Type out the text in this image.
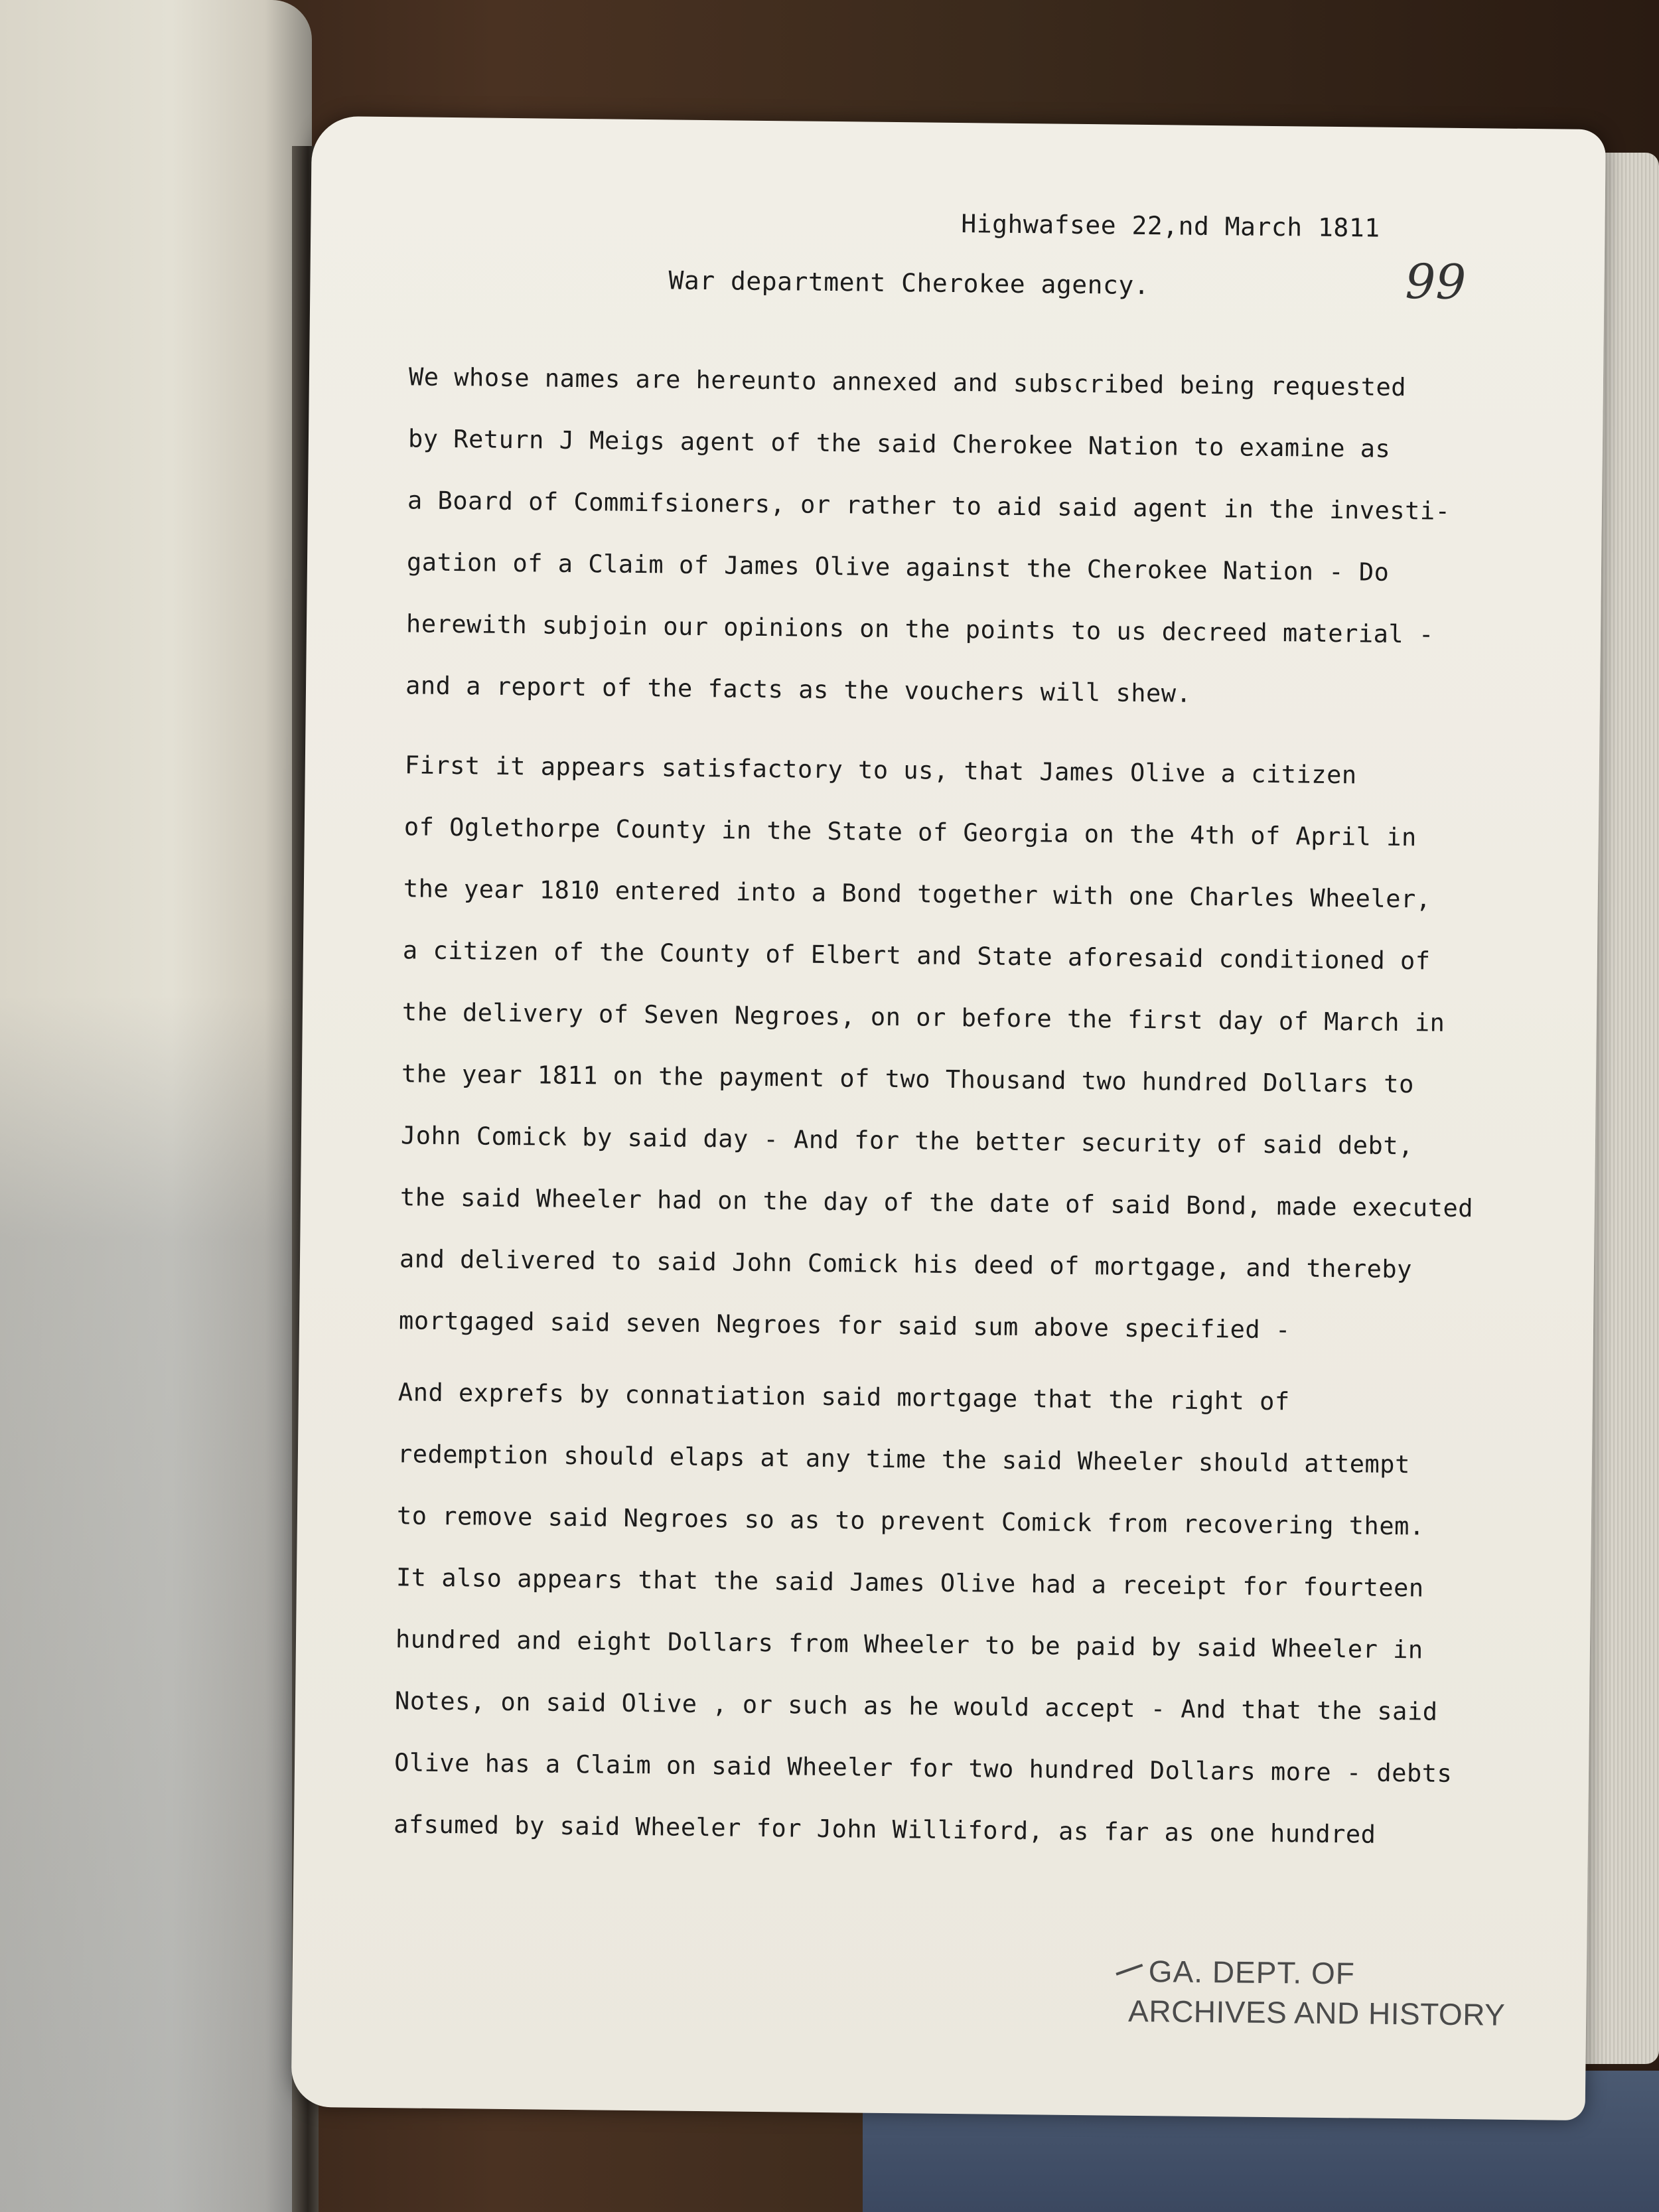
Highwafsee 22,nd March 1811
War department Cherokee agency.	99
We whose names are hereunto annexed and subscribed being requested
by Return J Meigs agent of the said Cherokee Nation to examine as
a Board of Commifsioners, or rather to aid said agent in the investi-
gation of a Claim of James Olive against the Cherokee Nation - Do
herewith subjoin our opinions on the points to us decreed material -
and a report of the facts as the vouchers will shew.
First it appears satisfactory to us, that James Olive a citizen
of Oglethorpe County in the State of Georgia on the 4th of April in
the year 1810 entered into a Bond together with one Charles Wheeler,
a citizen of the County of Elbert and State aforesaid conditioned of
the delivery of Seven Negroes, on or before the first day of March in
the year 1811 on the payment of two Thousand two hundred Dollars to
John Comick by said day - And for the better security of said debt,
the said Wheeler had on the day of the date of said Bond, made executed
and delivered to said John Comick his deed of mortgage, and thereby
mortgaged said seven Negroes for said sum above specified -
And exprefs by connatiation said mortgage that the right of
redemption should elaps at any time the said Wheeler should attempt
to remove said Negroes so as to prevent Comick from recovering them.
It also appears that the said James Olive had a receipt for fourteen
hundred and eight Dollars from Wheeler to be paid by said Wheeler in
Notes, on said Olive , or such as he would accept - And that the said
Olive has a Claim on said Wheeler for two hundred Dollars more - debts
afsumed by said Wheeler for John Williford, as far as one hundred
GA. DEPT. OF
ARCHIVES AND HISTORY
